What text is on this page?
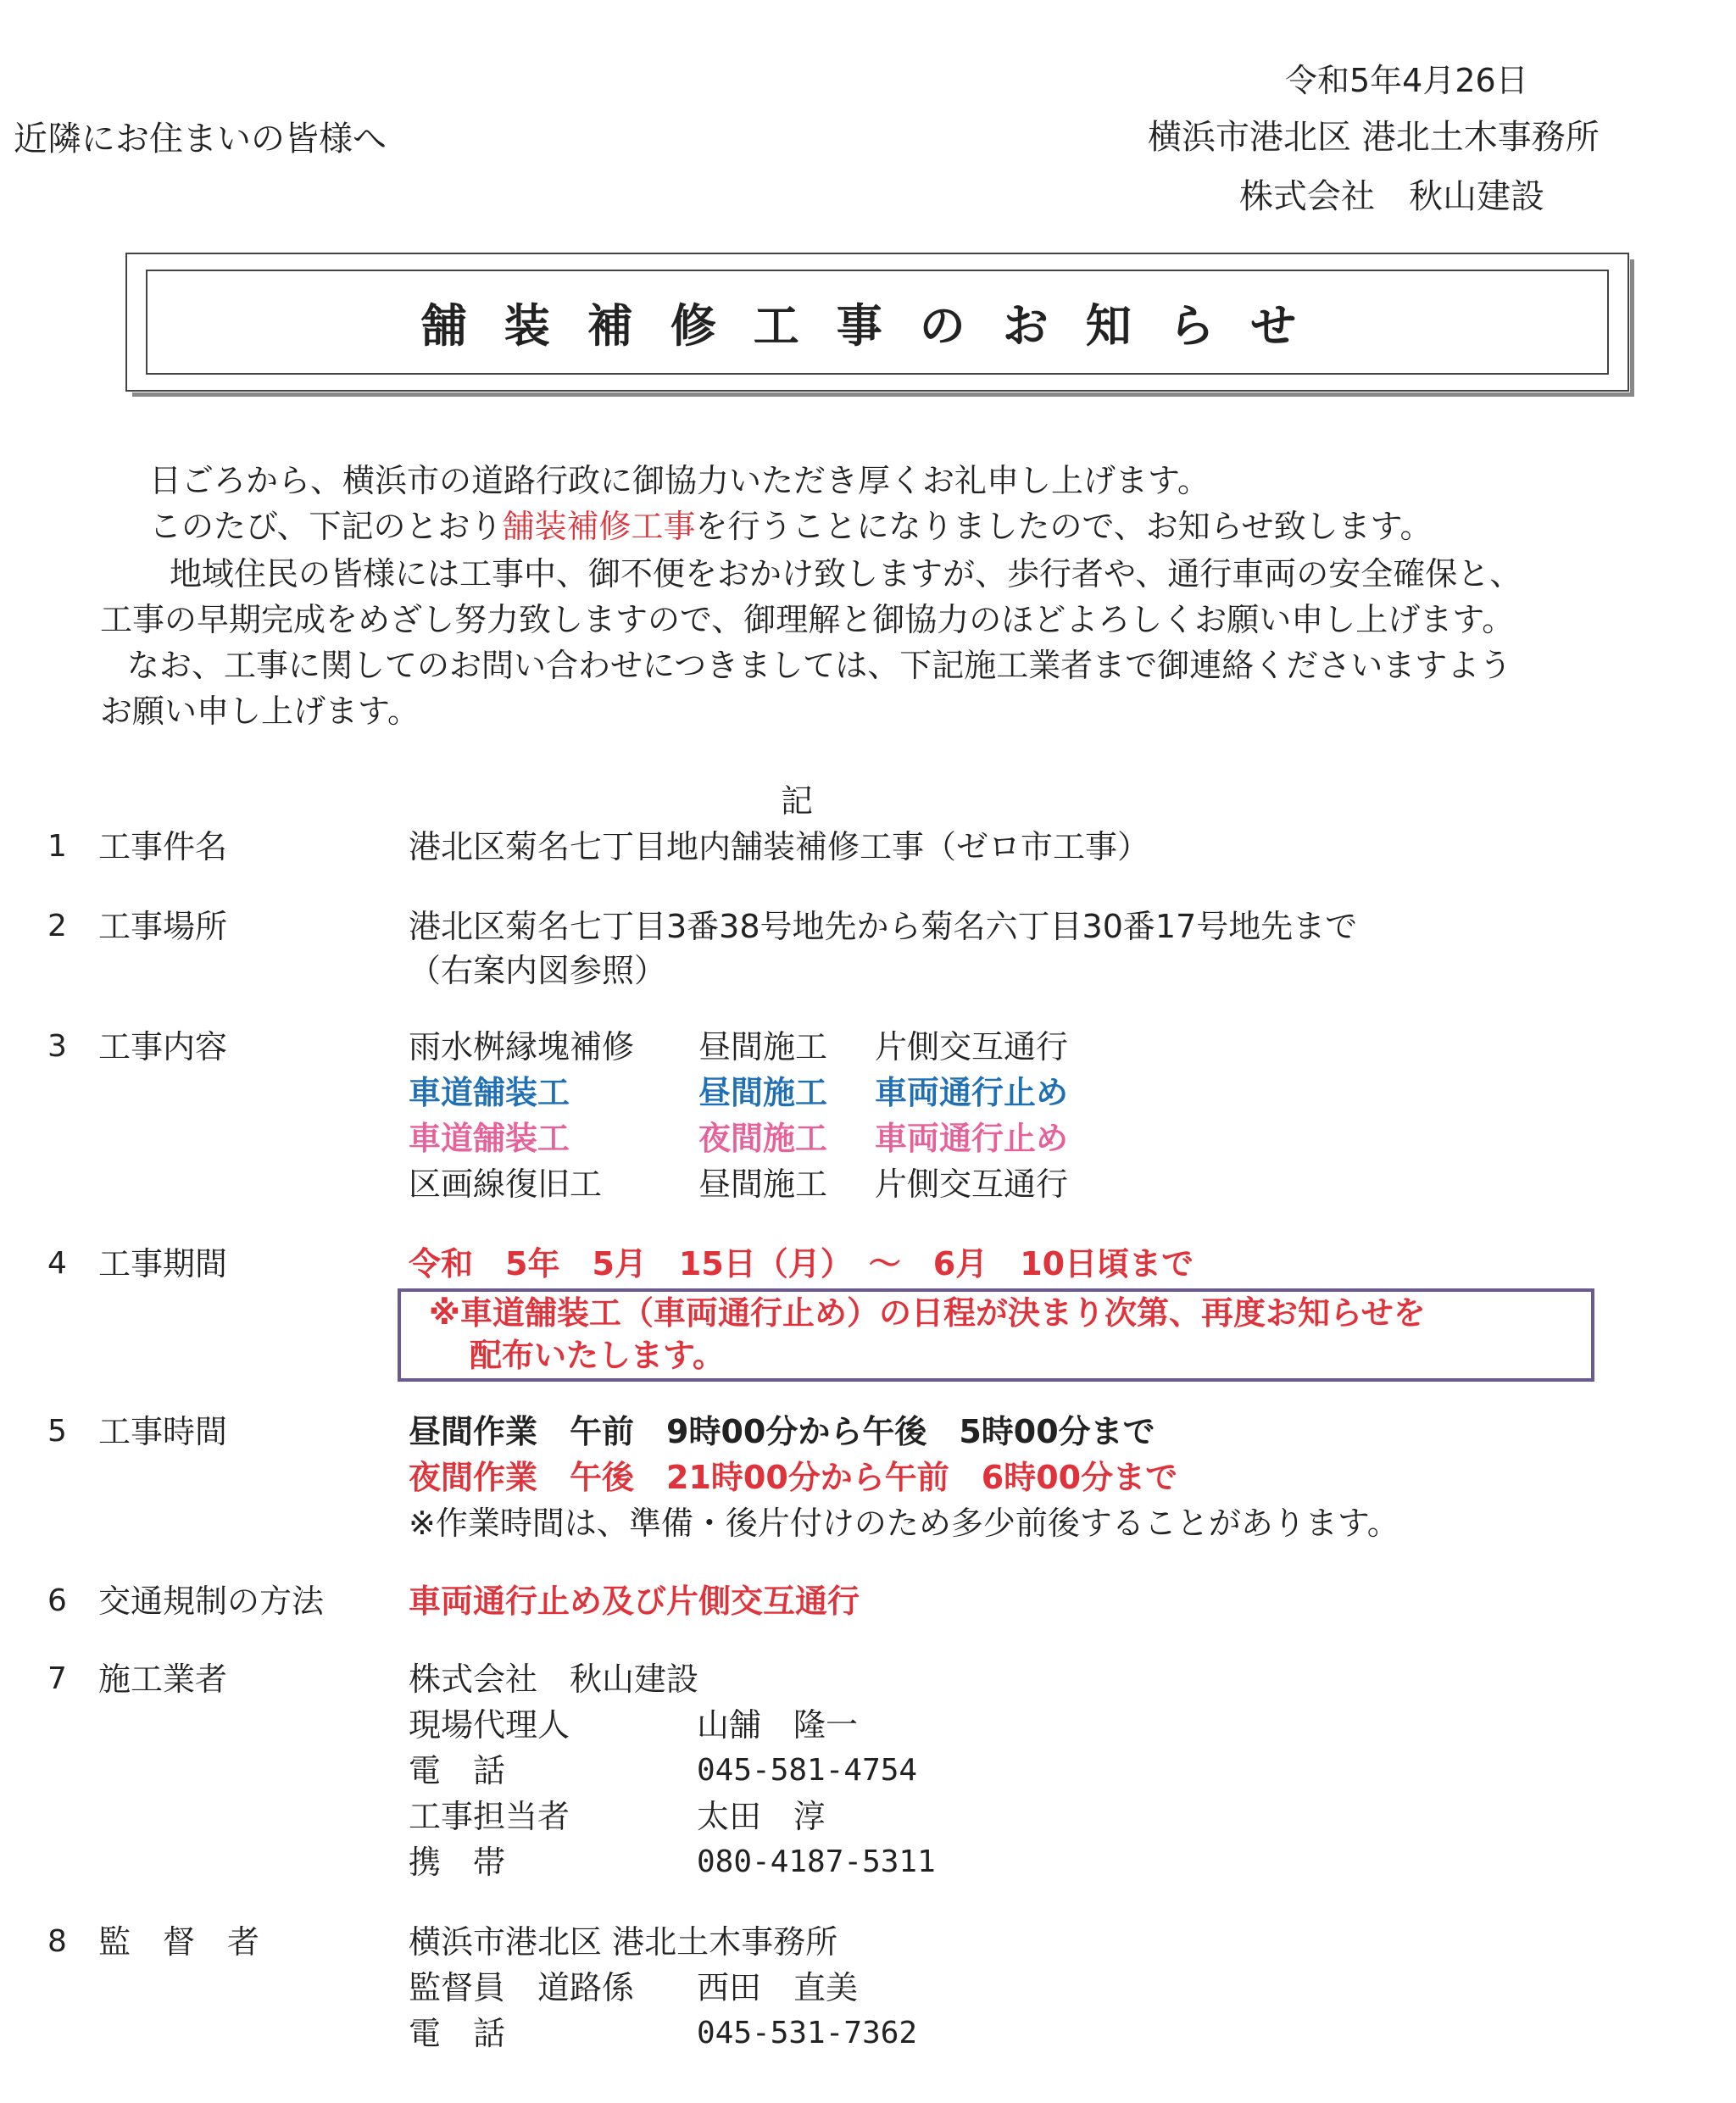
令和5年4月26日
近隣にお住まいの皆様へ	横浜市港北区 港北土木事務所
株式会社　秋山建設
舗装補修工事のお知らせ
日ごろから、横浜市の道路行政に御協力いただき厚くお礼申し上げます。
このたび、下記のとおり舗装補修工事を行うことになりましたので、お知らせ致します。
地域住民の皆様には工事中、御不便をおかけ致しますが、歩行者や、通行車両の安全確保と、
工事の早期完成をめざし努力致しますので、御理解と御協力のほどよろしくお願い申し上げます。
なお、工事に関してのお問い合わせにつきましては、下記施工業者まで御連絡くださいますよう
お願い申し上げます。
記
1 工事件名	港北区菊名七丁目地内舗装補修工事（ゼロ市工事）
2 工事場所	港北区菊名七丁目3番38号地先から菊名六丁目30番17号地先まで
（右案内図参照）
3 工事内容	雨水桝縁塊補修 昼間施工 片側交互通行
車道舗装工	昼間施工 車両通行止め
車道舗装工	夜間施工 車両通行止め
区画線復旧工	昼間施工 片側交互通行
4 工事期間	令和　5年　5月　15日（月）　～　6月　10日頃まで
※車道舗装工（車両通行止め）の日程が決まり次第、再度お知らせを
配布いたします。
5 工事時間	昼間作業　午前　9時00分から午後　5時00分まで
夜間作業　午後　21時00分から午前　6時00分まで
※作業時間は、準備・後片付けのため多少前後することがあります。
6 交通規制の方法	車両通行止め及び片側交互通行
7 施工業者	株式会社　秋山建設
現場代理人	山舗　隆一
電　話	045-581-4754
工事担当者	太田　淳
携　帯	080-4187-5311
8 監　督　者	横浜市港北区 港北土木事務所
監督員　道路係 西田　直美
電　話	045-531-7362
